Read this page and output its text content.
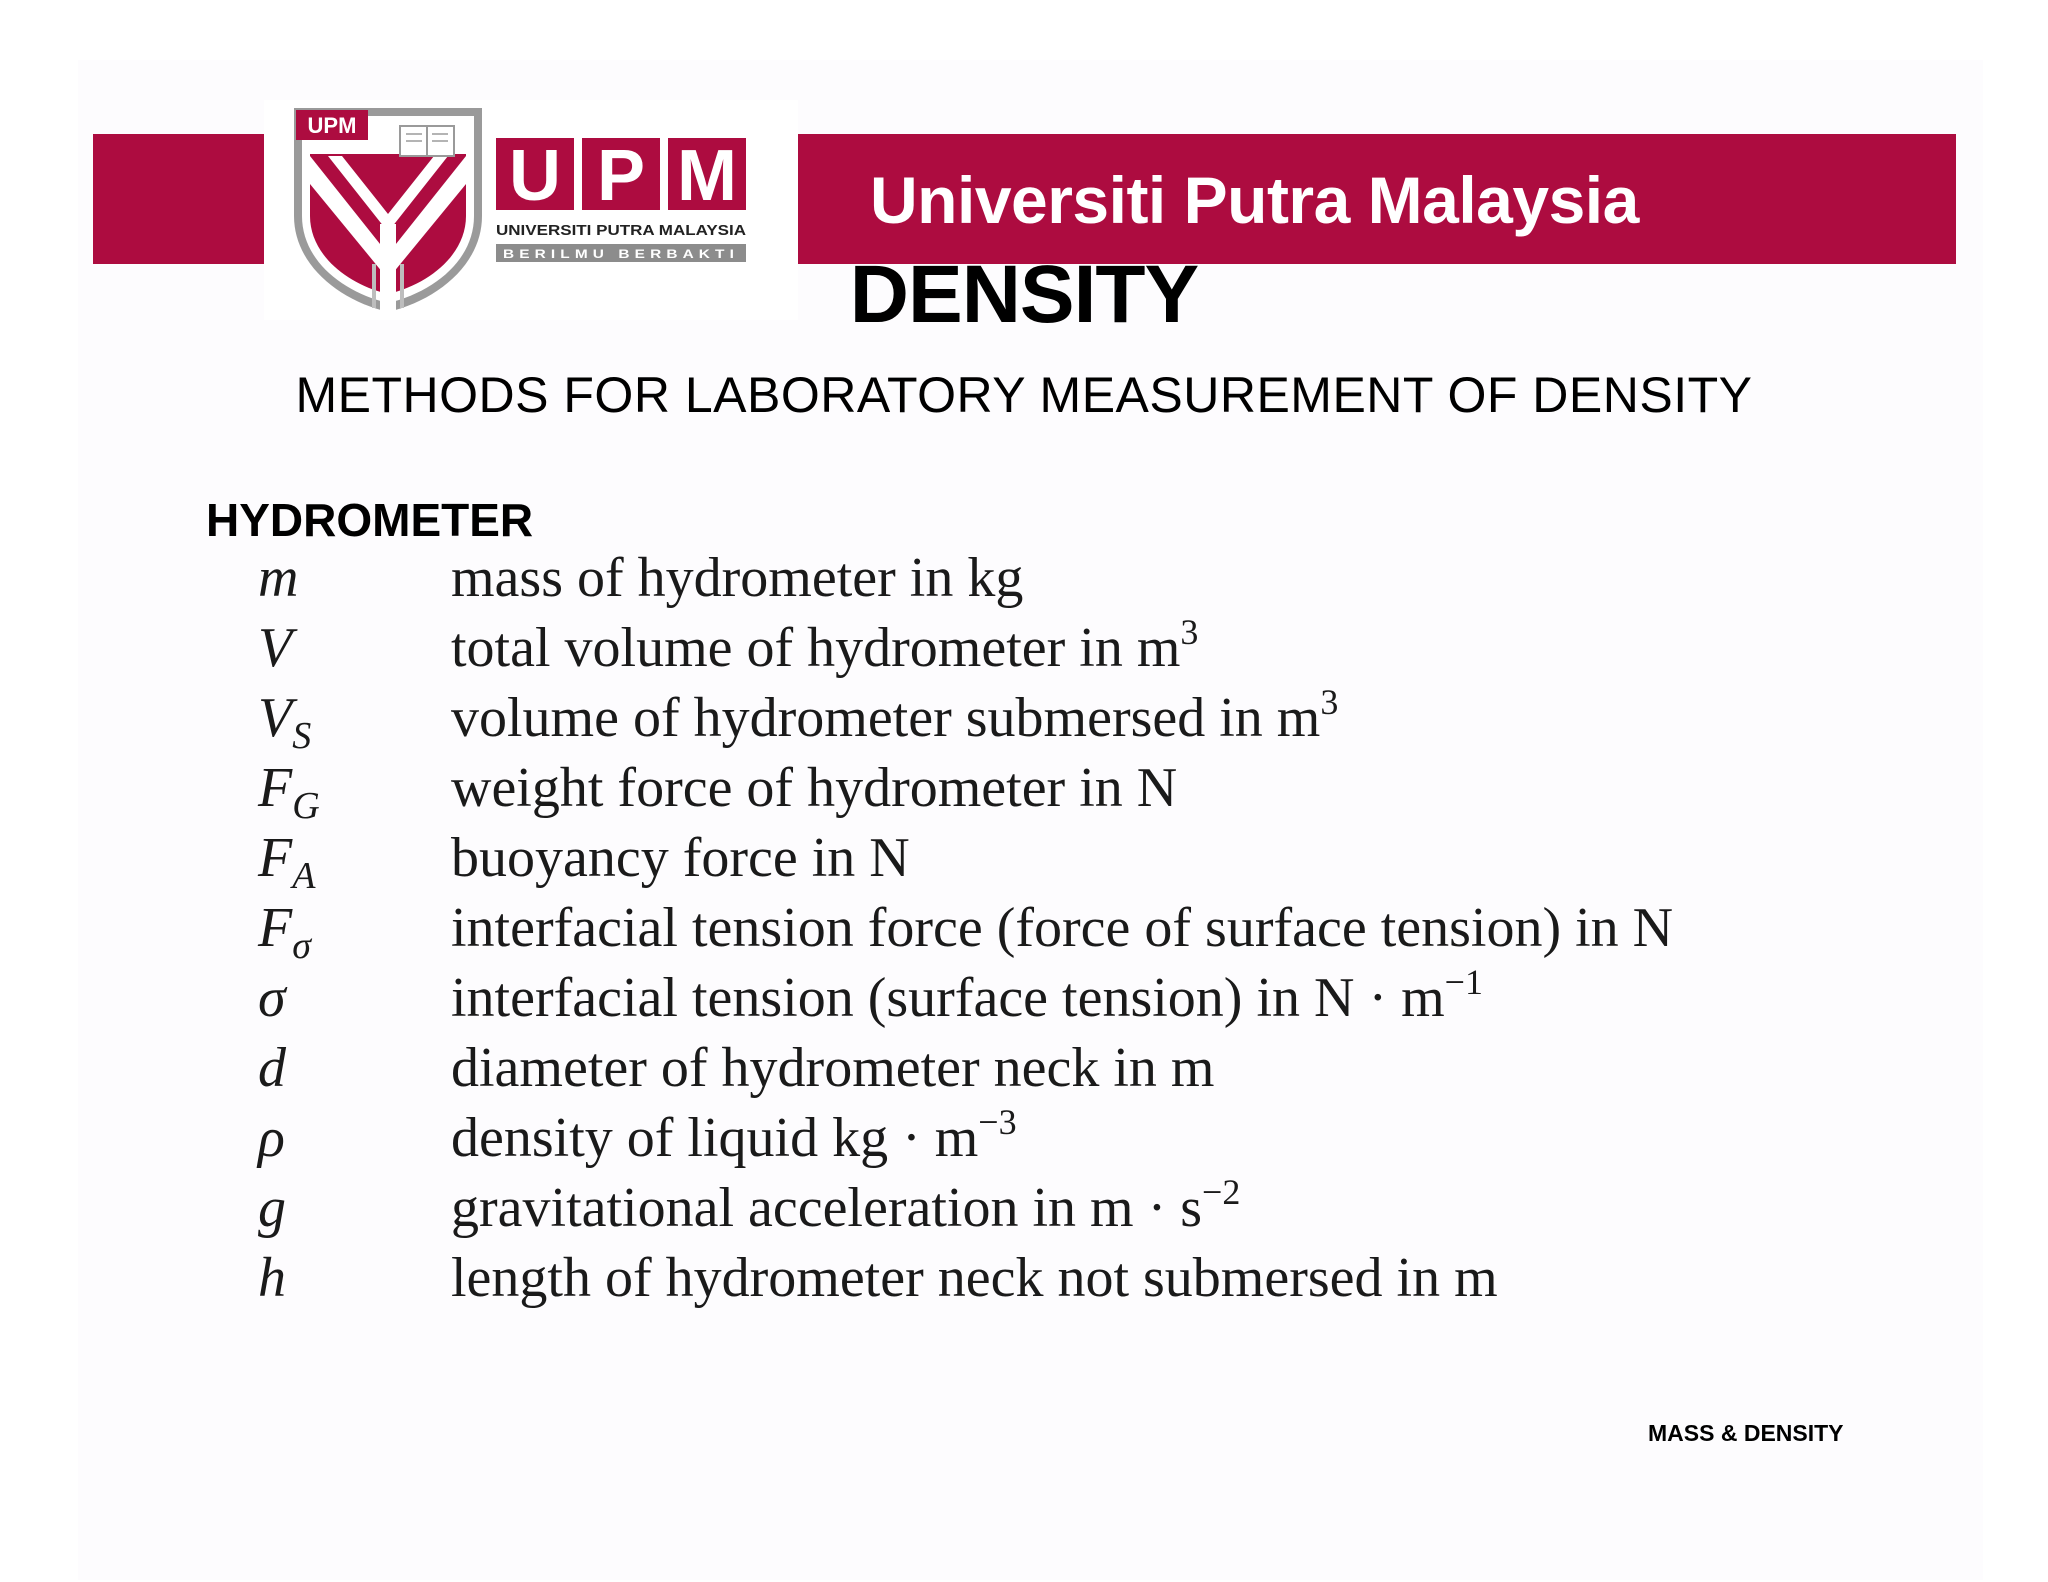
Universiti Putra Malaysia
UPM
U P M
UNIVERSITI PUTRA MALAYSIA
BERILMU BERBAKTI	DENSITY
METHODS FOR LABORATORY MEASUREMENT OF DENSITY
HYDROMETER
m	mass of hydrometer in kg
V	total volume of hydrometer in $m^3$
$V_S$	volume of hydrometer submersed in $m^3$
$F_G$	weight force of hydrometer in N
$F_A$	buoyancy force in N
$F_\sigma$	interfacial tension force (force of surface tension) in N
σ	interfacial tension (surface tension) in $N \cdot m^{-1}$
d	diameter of hydrometer neck in m
ρ	density of liquid kg · $m^{-3}$
g	gravitational acceleration in $m \cdot s^{-2}$
h	length of hydrometer neck not submersed in m
MASS & DENSITY
